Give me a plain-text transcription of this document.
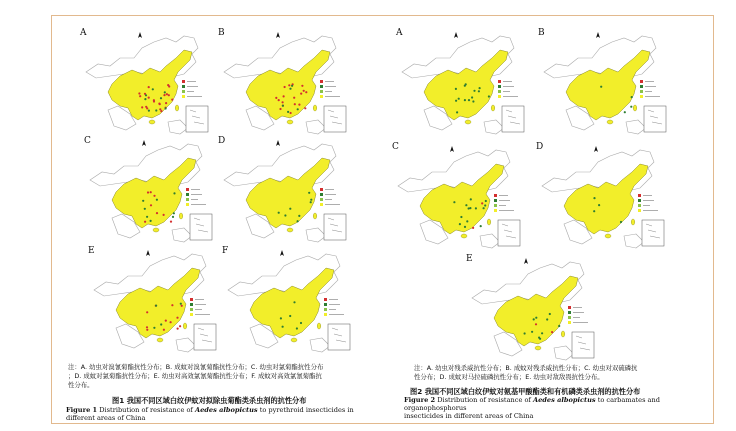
A	B
C	D
E	F
A	B
C	D
E
注：A. 幼虫对溴氰菊酯抗性分布；B. 成蚊对溴氰菊酯抗性分布；C. 幼虫对氯菊酯抗性分布
；D. 成蚊对氯菊酯抗性分布；E. 幼虫对高效氯氰菊酯抗性分布；F. 成蚊对高效氯氰菊酯抗
性分布。
图1 我国不同区域白纹伊蚊对拟除虫菊酯类杀虫剂的抗性分布
Figure 1 Distribution of resistance of Aedes albopictus to pyrethroid insecticides in different areas of China
注：A. 幼虫对残杀威抗性分布；B. 成蚊对残杀威抗性分布；C. 幼虫对双硫磷抗
性分布；D. 成蚊对马拉硫磷抗性分布；E. 幼虫对敌敌畏抗性分布。
图2 我国不同区域白纹伊蚊对氨基甲酸酯类和有机磷类杀虫剂的抗性分布
Figure 2 Distribution of resistance of Aedes albopictus to carbamates and organophosphorus
insecticides in different areas of China
